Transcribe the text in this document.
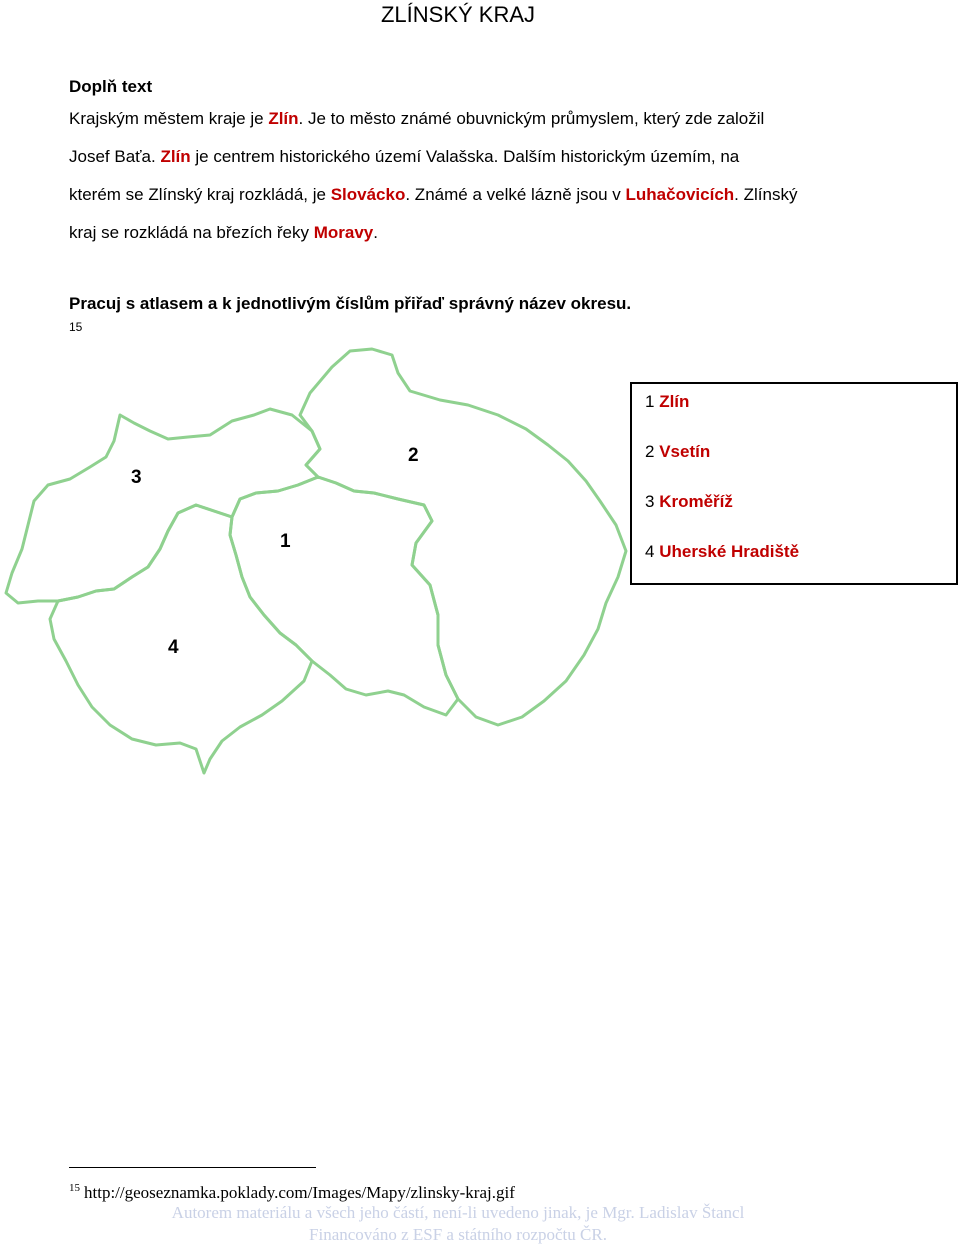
ZLÍNSKÝ KRAJ
Doplň text
Krajským městem kraje je Zlín. Je to město známé obuvnickým průmyslem, který zde založil
Josef Baťa. Zlín je centrem historického území Valašska. Dalším historickým územím, na
kterém se Zlínský kraj rozkládá, je Slovácko. Známé a velké lázně jsou v Luhačovicích. Zlínský
kraj se rozkládá na březích řeky Moravy.
Pracuj s atlasem a k jednotlivým číslům přiřaď správný název okresu.
15
3
2
1
4
1 Zlín
2 Vsetín
3 Kroměříž
4 Uherské Hradiště
$^{15}$ http://geoseznamka.poklady.com/Images/Mapy/zlinsky-kraj.gif
Autorem materiálu a všech jeho částí, není-li uvedeno jinak, je Mgr. Ladislav Štancl
Financováno z ESF a státního rozpočtu ČR.
